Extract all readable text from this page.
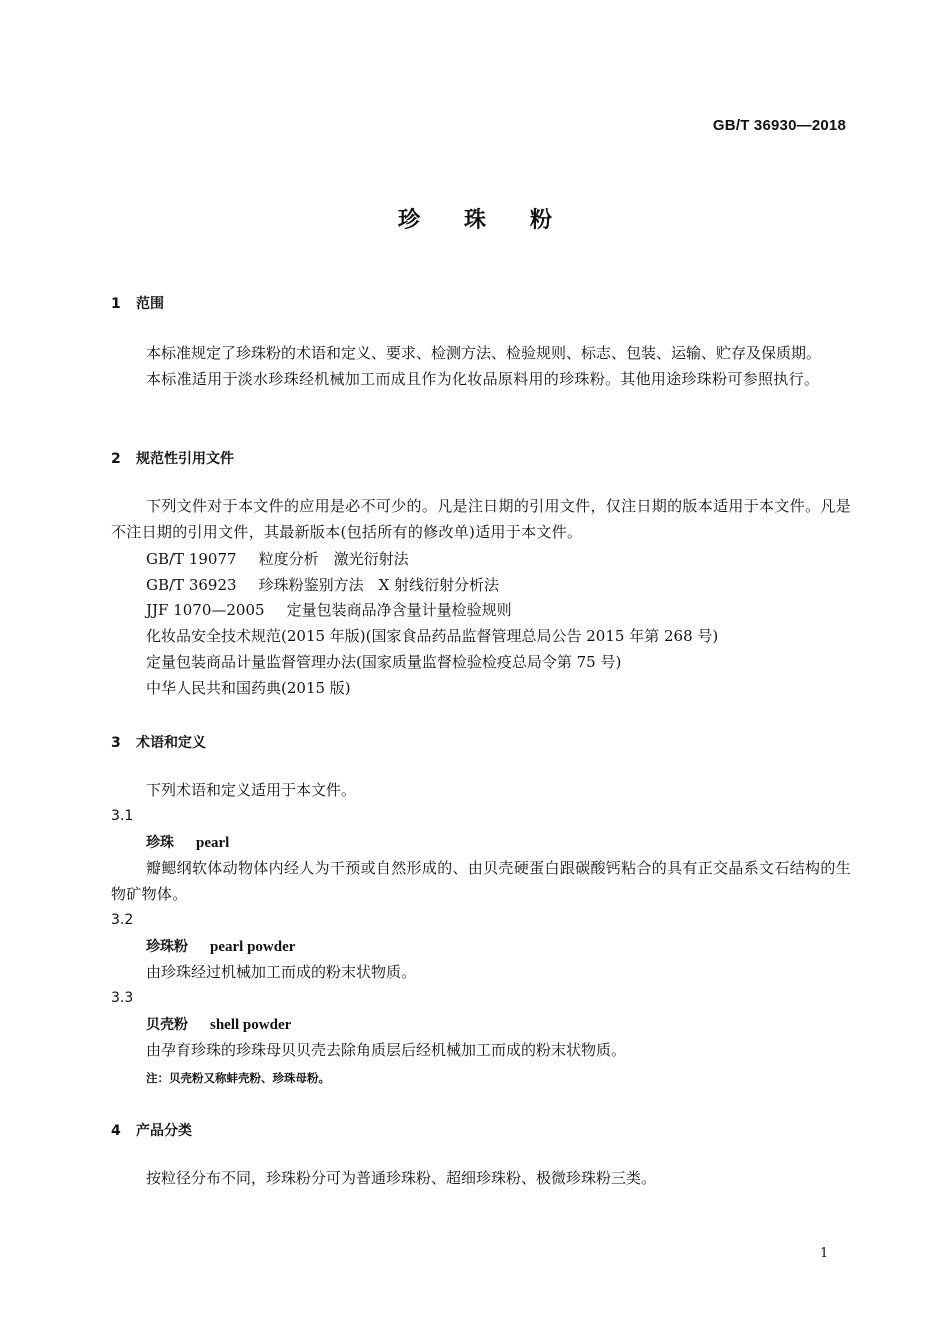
GB/T 36930—2018
珍珠粉
1 范围
本标准规定了珍珠粉的术语和定义、要求、检测方法、检验规则、标志、包装、运输、贮存及保质期。
本标准适用于淡水珍珠经机械加工而成且作为化妆品原料用的珍珠粉。其他用途珍珠粉可参照执行。
2 规范性引用文件
下列文件对于本文件的应用是必不可少的。凡是注日期的引用文件，仅注日期的版本适用于本文件。凡是不注日期的引用文件，其最新版本(包括所有的修改单)适用于本文件。
GB/T 19077 粒度分析　激光衍射法
GB/T 36923 珍珠粉鉴别方法　X 射线衍射分析法
JJF 1070—2005 定量包装商品净含量计量检验规则
化妆品安全技术规范(2015 年版)(国家食品药品监督管理总局公告 2015 年第 268 号)
定量包装商品计量监督管理办法(国家质量监督检验检疫总局令第 75 号)
中华人民共和国药典(2015 版)
3 术语和定义
下列术语和定义适用于本文件。
3.1
珍珠 pearl
瓣鳃纲软体动物体内经人为干预或自然形成的、由贝壳硬蛋白跟碳酸钙粘合的具有正交晶系文石结构的生物矿物体。
3.2
珍珠粉 pearl powder
由珍珠经过机械加工而成的粉末状物质。
3.3
贝壳粉 shell powder
由孕育珍珠的珍珠母贝贝壳去除角质层后经机械加工而成的粉末状物质。
注：贝壳粉又称蚌壳粉、珍珠母粉。
4 产品分类
按粒径分布不同，珍珠粉分可为普通珍珠粉、超细珍珠粉、极微珍珠粉三类。
1
